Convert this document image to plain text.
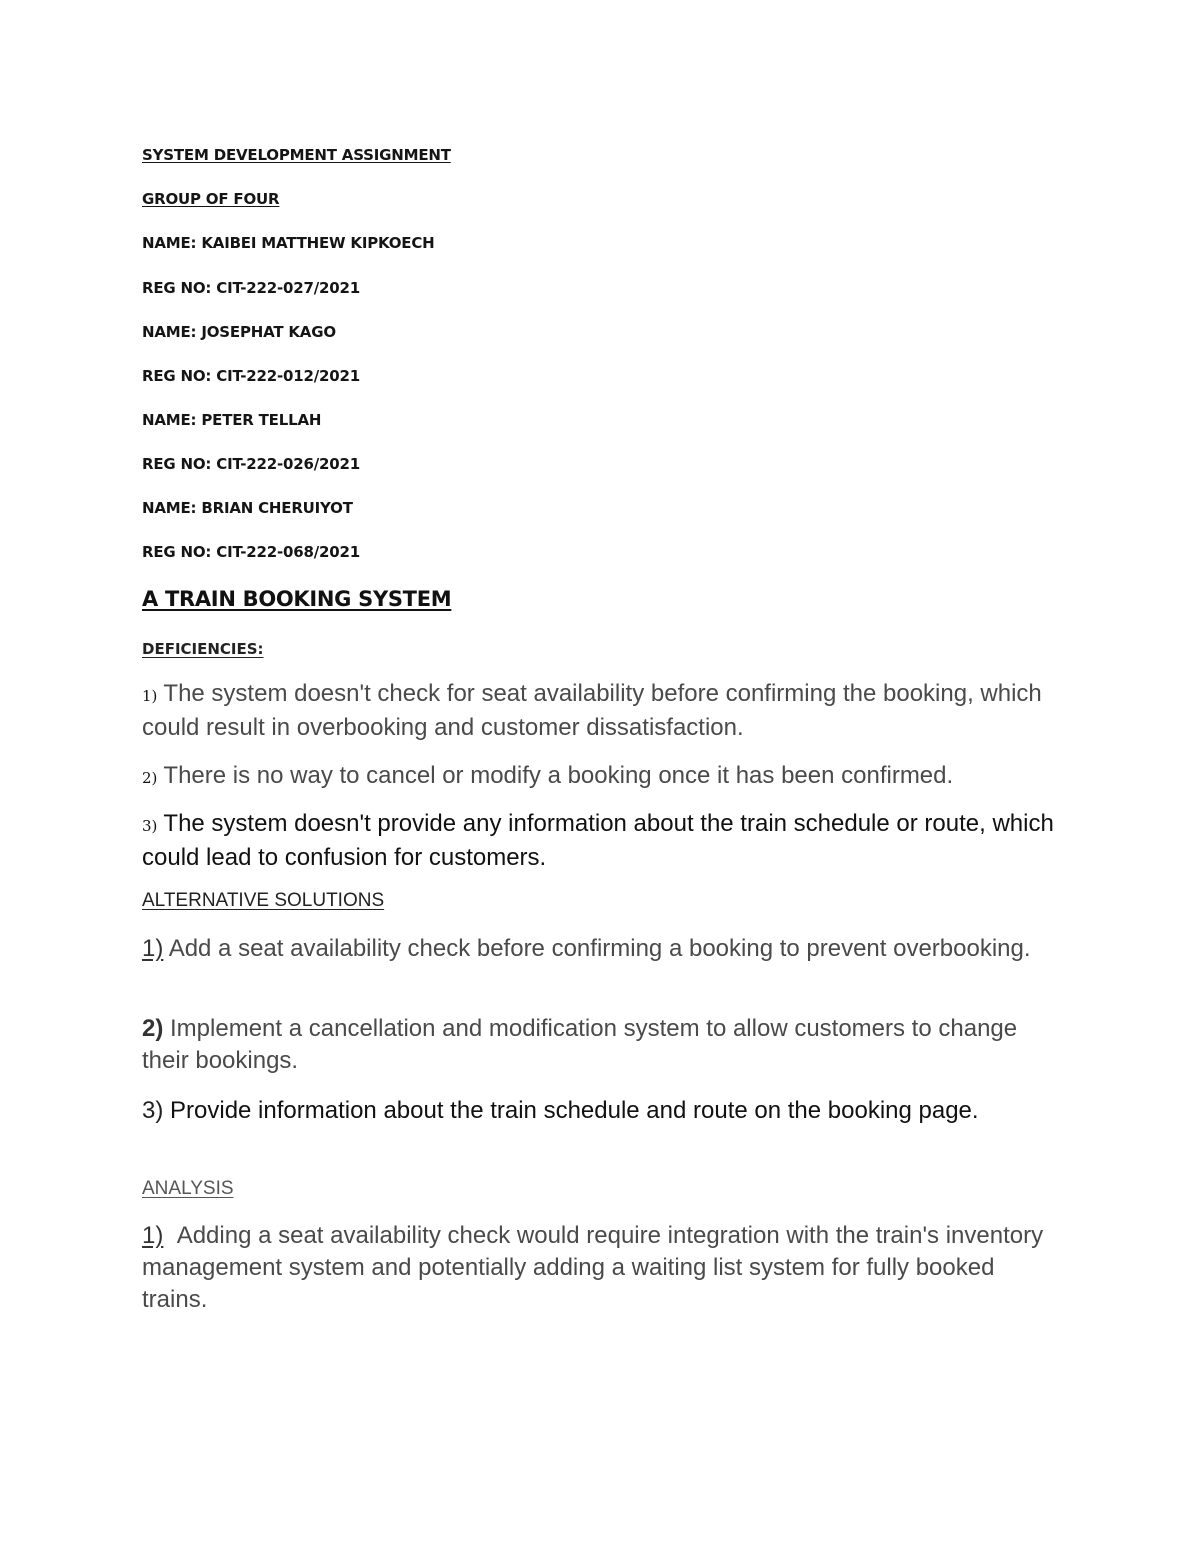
SYSTEM DEVELOPMENT ASSIGNMENT
GROUP OF FOUR
NAME: KAIBEI MATTHEW KIPKOECH
REG NO: CIT-222-027/2021
NAME: JOSEPHAT KAGO
REG NO: CIT-222-012/2021
NAME: PETER TELLAH
REG NO: CIT-222-026/2021
NAME: BRIAN CHERUIYOT
REG NO: CIT-222-068/2021
A TRAIN BOOKING SYSTEM
DEFICIENCIES:
1) The system doesn't check for seat availability before confirming the booking, which could result in overbooking and customer dissatisfaction.
2) There is no way to cancel or modify a booking once it has been confirmed.
3) The system doesn't provide any information about the train schedule or route, which could lead to confusion for customers.
ALTERNATIVE SOLUTIONS
1) Add a seat availability check before confirming a booking to prevent overbooking.
2) Implement a cancellation and modification system to allow customers to change their bookings.
3) Provide information about the train schedule and route on the booking page.
ANALYSIS
1) Adding a seat availability check would require integration with the train's inventory management system and potentially adding a waiting list system for fully booked trains.
